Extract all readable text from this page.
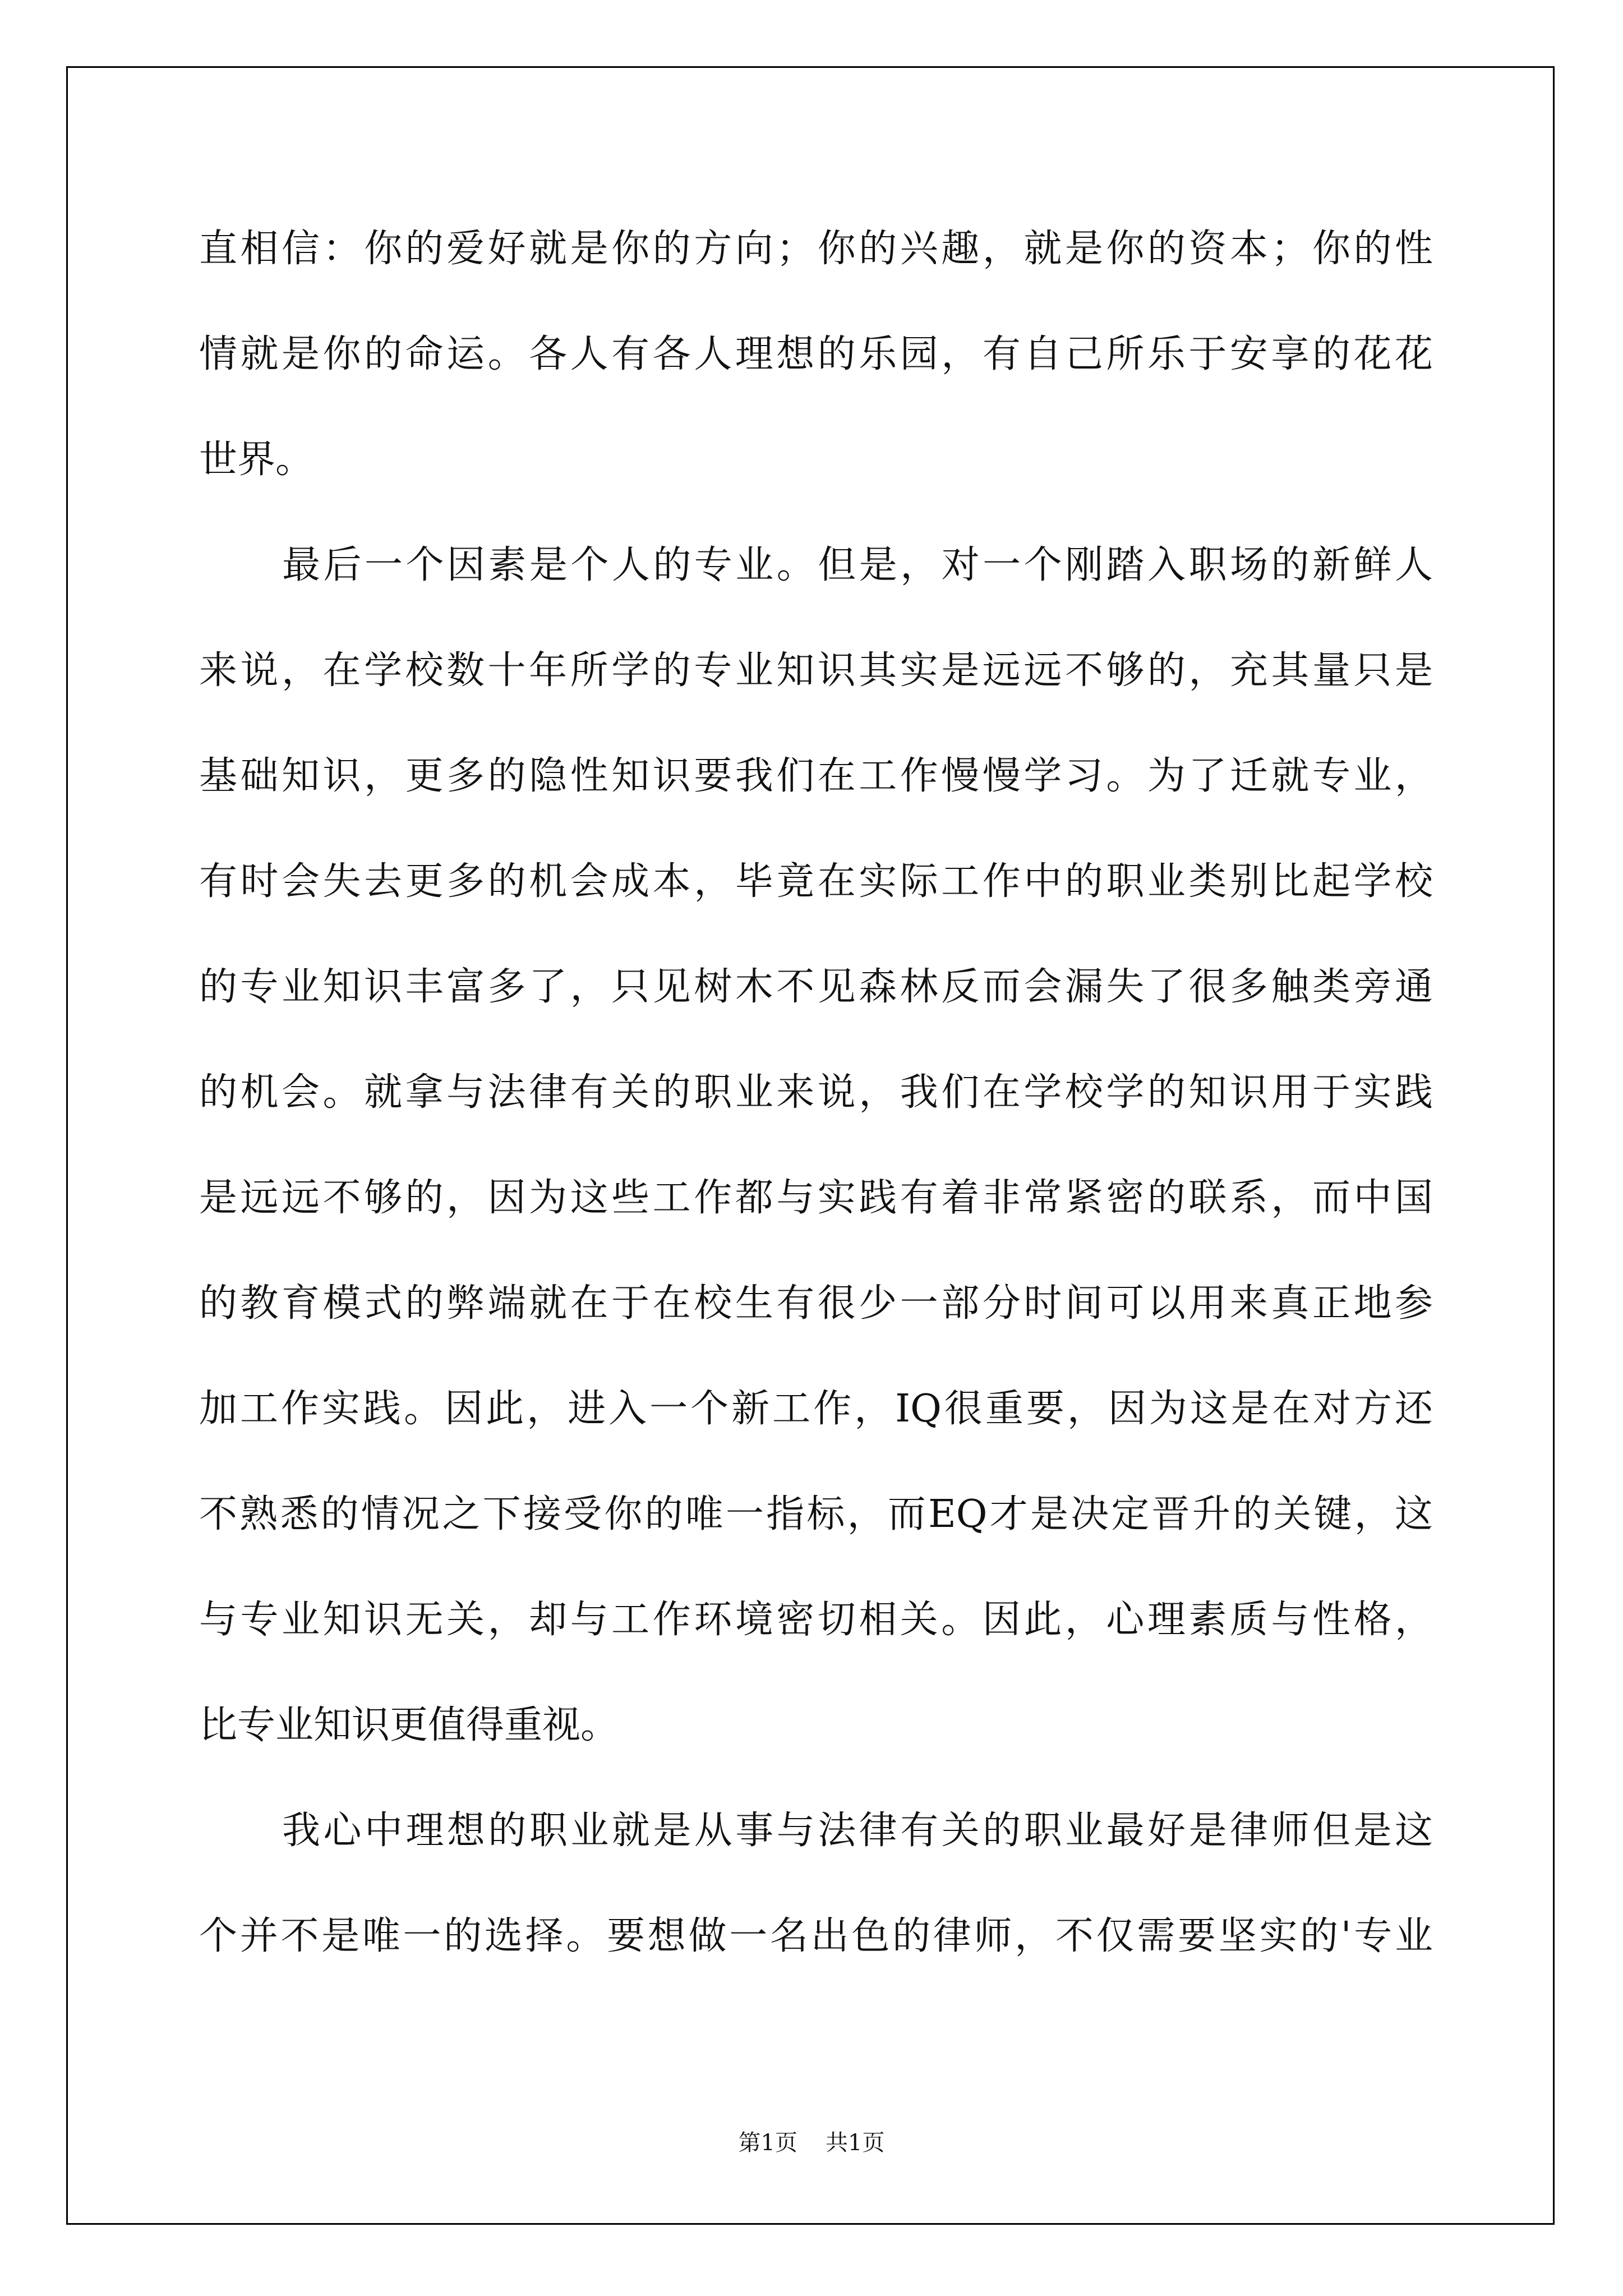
直相信：你的爱好就是你的方向；你的兴趣，就是你的资本；你的性
情就是你的命运。各人有各人理想的乐园，有自己所乐于安享的花花
世界。
最后一个因素是个人的专业。但是，对一个刚踏入职场的新鲜人
来说，在学校数十年所学的专业知识其实是远远不够的，充其量只是
基础知识，更多的隐性知识要我们在工作慢慢学习。为了迁就专业，
有时会失去更多的机会成本，毕竟在实际工作中的职业类别比起学校
的专业知识丰富多了，只见树木不见森林反而会漏失了很多触类旁通
的机会。就拿与法律有关的职业来说，我们在学校学的知识用于实践
是远远不够的，因为这些工作都与实践有着非常紧密的联系，而中国
的教育模式的弊端就在于在校生有很少一部分时间可以用来真正地参
加工作实践。因此，进入一个新工作，IQ很重要，因为这是在对方还
不熟悉的情况之下接受你的唯一指标，而EQ才是决定晋升的关键，这
与专业知识无关，却与工作环境密切相关。因此，心理素质与性格，
比专业知识更值得重视。
我心中理想的职业就是从事与法律有关的职业最好是律师但是这
个并不是唯一的选择。要想做一名出色的律师，不仅需要坚实的'专业
第1页 共1页
